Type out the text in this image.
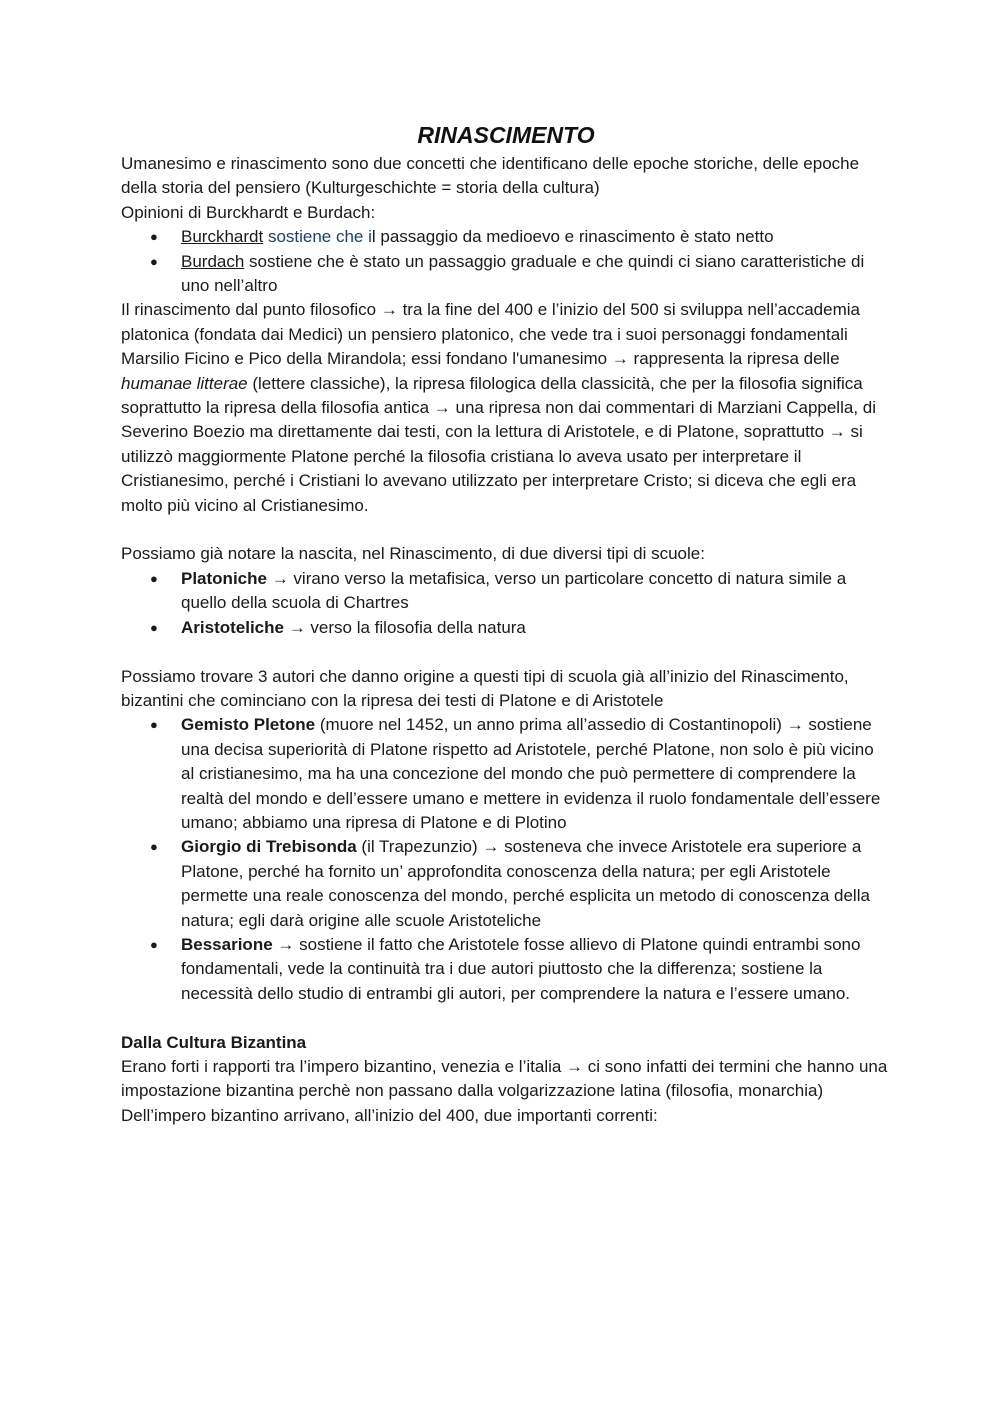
RINASCIMENTO

Umanesimo e rinascimento sono due concetti che identificano delle epoche storiche, delle epoche della storia del pensiero (Kulturgeschichte = storia della cultura)

Opinioni di Burckhardt e Burdach:

● Burckhardt sostiene che il passaggio da medioevo e rinascimento è stato netto
● Burdach sostiene che è stato un passaggio graduale e che quindi ci siano caratteristiche di uno nell’altro

Il rinascimento dal punto filosofico → tra la fine del 400 e l’inizio del 500 si sviluppa nell’accademia platonica (fondata dai Medici) un pensiero platonico, che vede tra i suoi personaggi fondamentali Marsilio Ficino e Pico della Mirandola; essi fondano l'umanesimo → rappresenta la ripresa delle humanae litterae (lettere classiche), la ripresa filologica della classicità, che per la filosofia significa soprattutto la ripresa della filosofia antica → una ripresa non dai commentari di Marziani Cappella, di Severino Boezio ma direttamente dai testi, con la lettura di Aristotele, e di Platone, soprattutto → si utilizzò maggiormente Platone perché la filosofia cristiana lo aveva usato per interpretare il Cristianesimo, perché i Cristiani lo avevano utilizzato per interpretare Cristo; si diceva che egli era molto più vicino al Cristianesimo.

Possiamo già notare la nascita, nel Rinascimento, di due diversi tipi di scuole:

● Platoniche → virano verso la metafisica, verso un particolare concetto di natura simile a quello della scuola di Chartres
● Aristoteliche → verso la filosofia della natura

Possiamo trovare 3 autori che danno origine a questi tipi di scuola già all’inizio del Rinascimento, bizantini che cominciano con la ripresa dei testi di Platone e di Aristotele

● Gemisto Pletone (muore nel 1452, un anno prima all’assedio di Costantinopoli) → sostiene una decisa superiorità di Platone rispetto ad Aristotele, perché Platone, non solo è più vicino al cristianesimo, ma ha una concezione del mondo che può permettere di comprendere la realtà del mondo e dell’essere umano e mettere in evidenza il ruolo fondamentale dell’essere umano; abbiamo una ripresa di Platone e di Plotino
● Giorgio di Trebisonda (il Trapezunzio) → sosteneva che invece Aristotele era superiore a Platone, perché ha fornito un’ approfondita conoscenza della natura; per egli Aristotele permette una reale conoscenza del mondo, perché esplicita un metodo di conoscenza della natura; egli darà origine alle scuole Aristoteliche
● Bessarione → sostiene il fatto che Aristotele fosse allievo di Platone quindi entrambi sono fondamentali, vede la continuità tra i due autori piuttosto che la differenza; sostiene la necessità dello studio di entrambi gli autori, per comprendere la natura e l’essere umano.
Dalla Cultura Bizantina

Erano forti i rapporti tra l’impero bizantino, venezia e l’italia → ci sono infatti dei termini che hanno una impostazione bizantina perchè non passano dalla volgarizzazione latina (filosofia, monarchia)

Dell’impero bizantino arrivano, all’inizio del 400, due importanti correnti:
